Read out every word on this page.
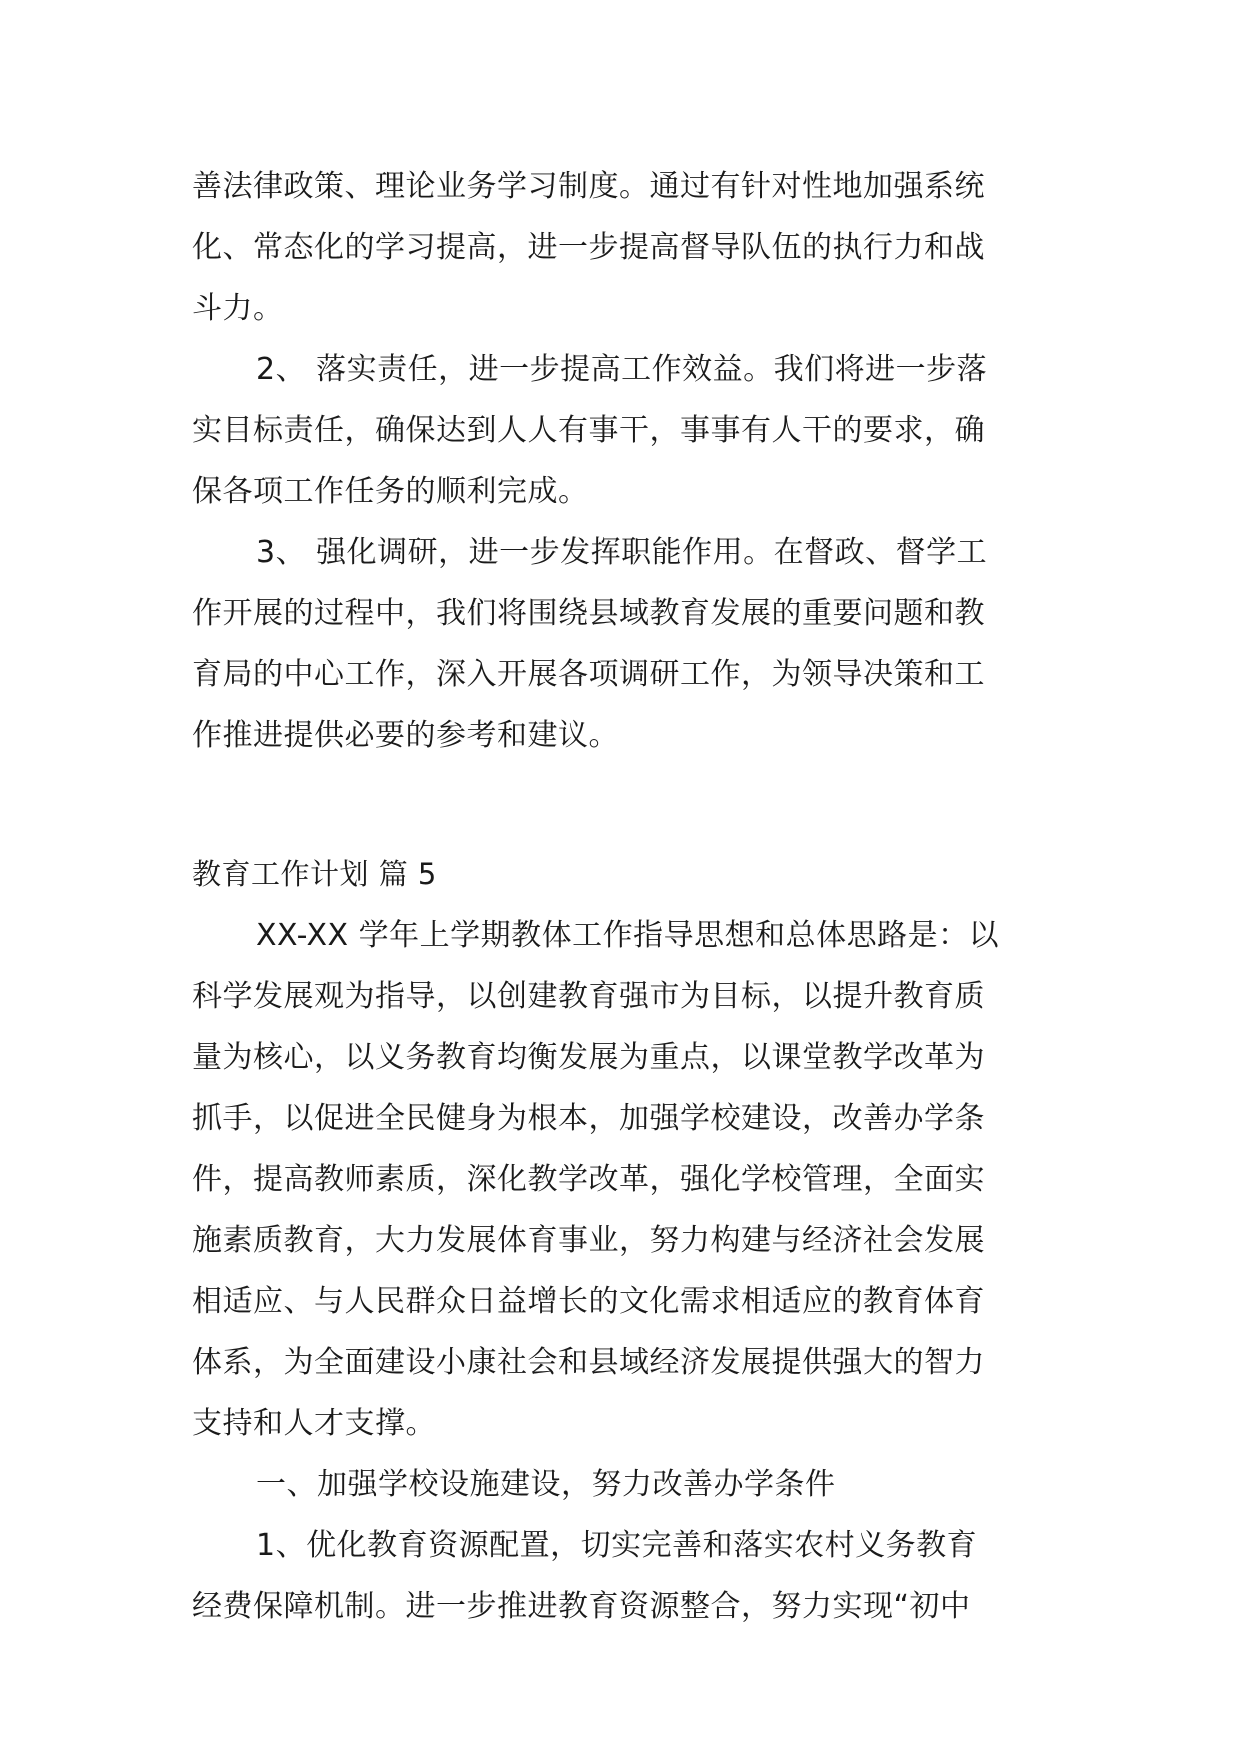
善法律政策、理论业务学习制度。通过有针对性地加强系统
化、常态化的学习提高，进一步提高督导队伍的执行力和战
斗力。
2、 落实责任，进一步提高工作效益。我们将进一步落
实目标责任，确保达到人人有事干，事事有人干的要求，确
保各项工作任务的顺利完成。
3、 强化调研，进一步发挥职能作用。在督政、督学工
作开展的过程中，我们将围绕县域教育发展的重要问题和教
育局的中心工作，深入开展各项调研工作，为领导决策和工
作推进提供必要的参考和建议。
教育工作计划 篇 5
XX-XX 学年上学期教体工作指导思想和总体思路是：以
科学发展观为指导，以创建教育强市为目标，以提升教育质
量为核心，以义务教育均衡发展为重点，以课堂教学改革为
抓手，以促进全民健身为根本，加强学校建设，改善办学条
件，提高教师素质，深化教学改革，强化学校管理，全面实
施素质教育，大力发展体育事业，努力构建与经济社会发展
相适应、与人民群众日益增长的文化需求相适应的教育体育
体系，为全面建设小康社会和县域经济发展提供强大的智力
支持和人才支撑。
一、加强学校设施建设，努力改善办学条件
1、优化教育资源配置，切实完善和落实农村义务教育
经费保障机制。进一步推进教育资源整合，努力实现“初中
